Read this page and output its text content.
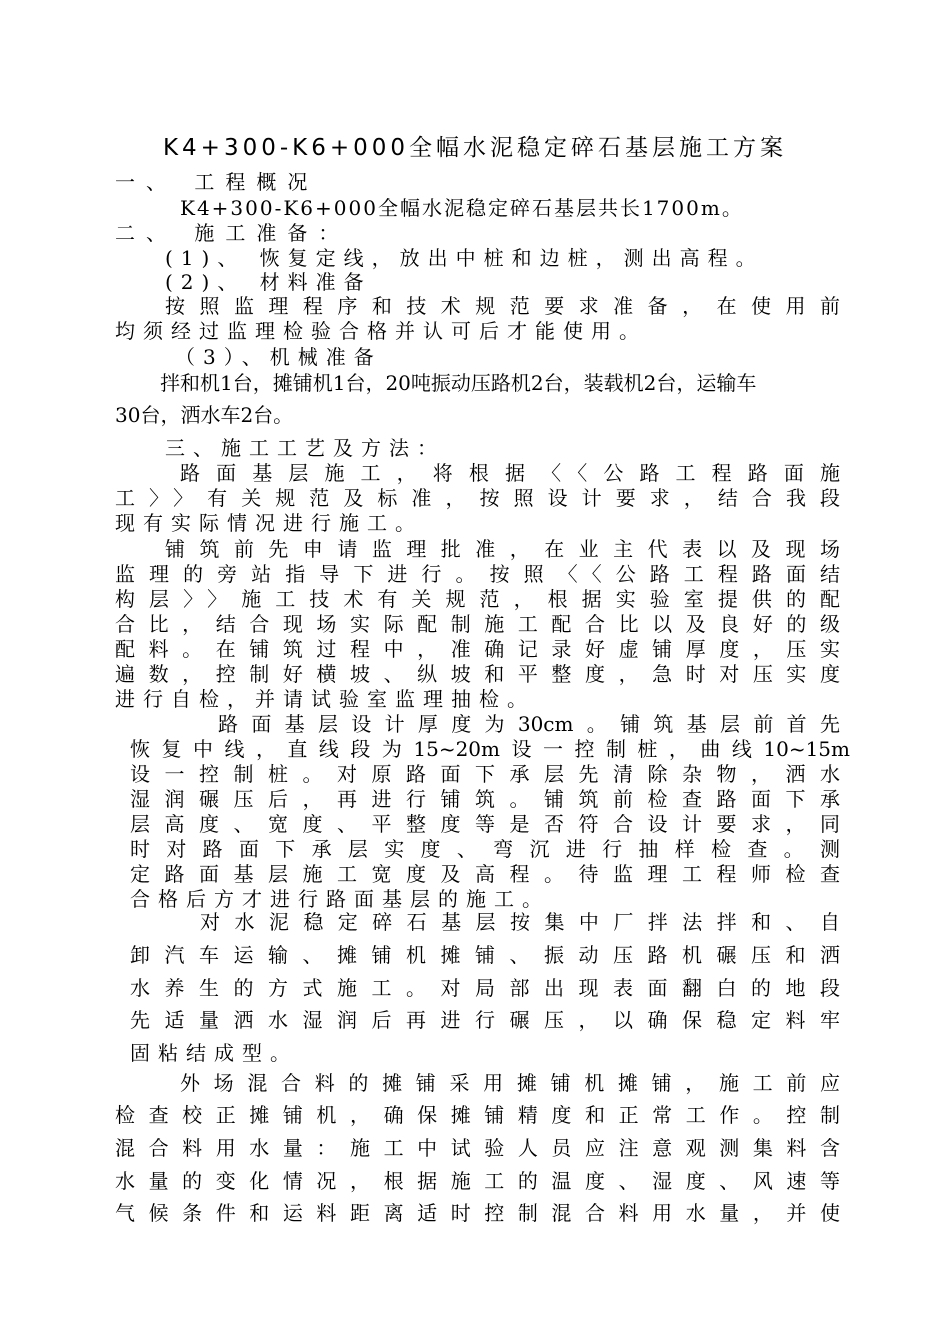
K4+300-K6+000全幅水泥稳定碎石基层施工方案
一、 工程概况
K4+300-K6+000全幅水泥稳定碎石基层共长1700m。
二、 施工准备：
(1)、 恢复定线，放出中桩和边桩，测出高程。
(2)、 材料准备
按照监理程序和技术规范要求准备，在使用前
均须经过监理检验合格并认可后才能使用。
（3）、机械准备
拌和机1台，摊铺机1台，20吨振动压路机2台，装载机2台，运输车
30台，洒水车2台。
三、施工工艺及方法：
路面基层施工，将根据〈〈公路工程路面施
工〉〉有关规范及标准，按照设计要求，结合我段
现有实际情况进行施工。
铺筑前先申请监理批准，在业主代表以及现场
监理的旁站指导下进行。按照〈〈公路工程路面结
构层〉〉施工技术有关规范，根据实验室提供的配
合比，结合现场实际配制施工配合比以及良好的级
配料。在铺筑过程中，准确记录好虚铺厚度，压实
遍数，控制好横坡、纵坡和平整度，急时对压实度
进行自检，并请试验室监理抽检。
路面基层设计厚度为30cm。铺筑基层前首先
恢复中线，直线段为15~20m设一控制桩，曲线10~15m
设一控制桩。对原路面下承层先清除杂物，洒水
湿润碾压后，再进行铺筑。铺筑前检查路面下承
层高度、宽度、平整度等是否符合设计要求，同
时对路面下承层实度、弯沉进行抽样检查。测
定路面基层施工宽度及高程。待监理工程师检查
合格后方才进行路面基层的施工。
对水泥稳定碎石基层按集中厂拌法拌和、自
卸汽车运输、摊铺机摊铺、振动压路机碾压和洒
水养生的方式施工。对局部出现表面翻白的地段
先适量洒水湿润后再进行碾压，以确保稳定料牢
固粘结成型。
外场混合料的摊铺采用摊铺机摊铺，施工前应
检查校正摊铺机，确保摊铺精度和正常工作。控制
混合料用水量：施工中试验人员应注意观测集料含
水量的变化情况，根据施工的温度、湿度、风速等
气候条件和运料距离适时控制混合料用水量，并使
